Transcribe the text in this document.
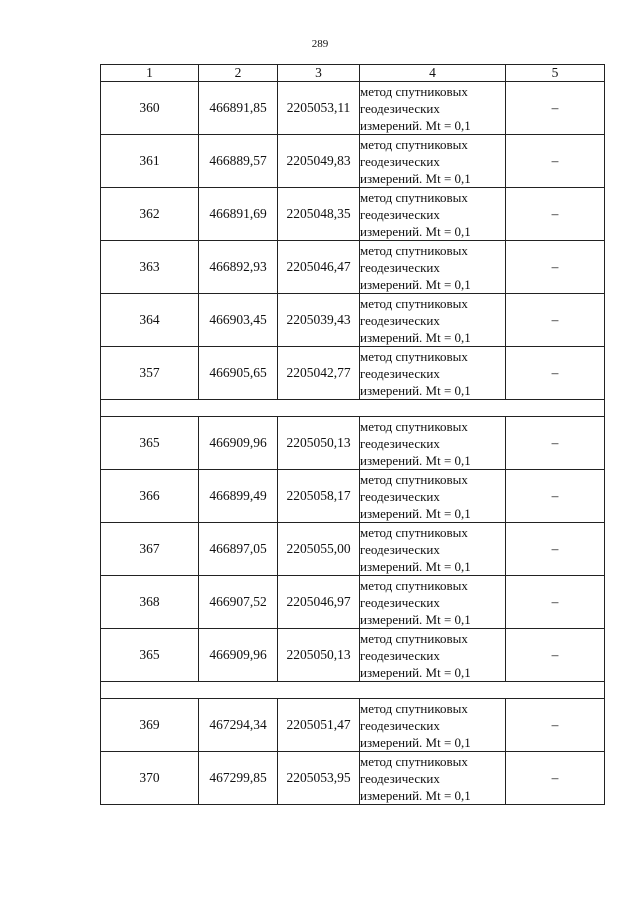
289
1	2	3	4	5
360	466891,85	2205053,11	метод спутниковых
геодезических
измерений. Mt = 0,1	–
361	466889,57	2205049,83	метод спутниковых
геодезических
измерений. Mt = 0,1	–
362	466891,69	2205048,35	метод спутниковых
геодезических
измерений. Mt = 0,1	–
363	466892,93	2205046,47	метод спутниковых
геодезических
измерений. Mt = 0,1	–
364	466903,45	2205039,43	метод спутниковых
геодезических
измерений. Mt = 0,1	–
357	466905,65	2205042,77	метод спутниковых
геодезических
измерений. Mt = 0,1	–

365	466909,96	2205050,13	метод спутниковых
геодезических
измерений. Mt = 0,1	–
366	466899,49	2205058,17	метод спутниковых
геодезических
измерений. Mt = 0,1	–
367	466897,05	2205055,00	метод спутниковых
геодезических
измерений. Mt = 0,1	–
368	466907,52	2205046,97	метод спутниковых
геодезических
измерений. Mt = 0,1	–
365	466909,96	2205050,13	метод спутниковых
геодезических
измерений. Mt = 0,1	–

369	467294,34	2205051,47	метод спутниковых
геодезических
измерений. Mt = 0,1	–
370	467299,85	2205053,95	метод спутниковых
геодезических
измерений. Mt = 0,1	–
